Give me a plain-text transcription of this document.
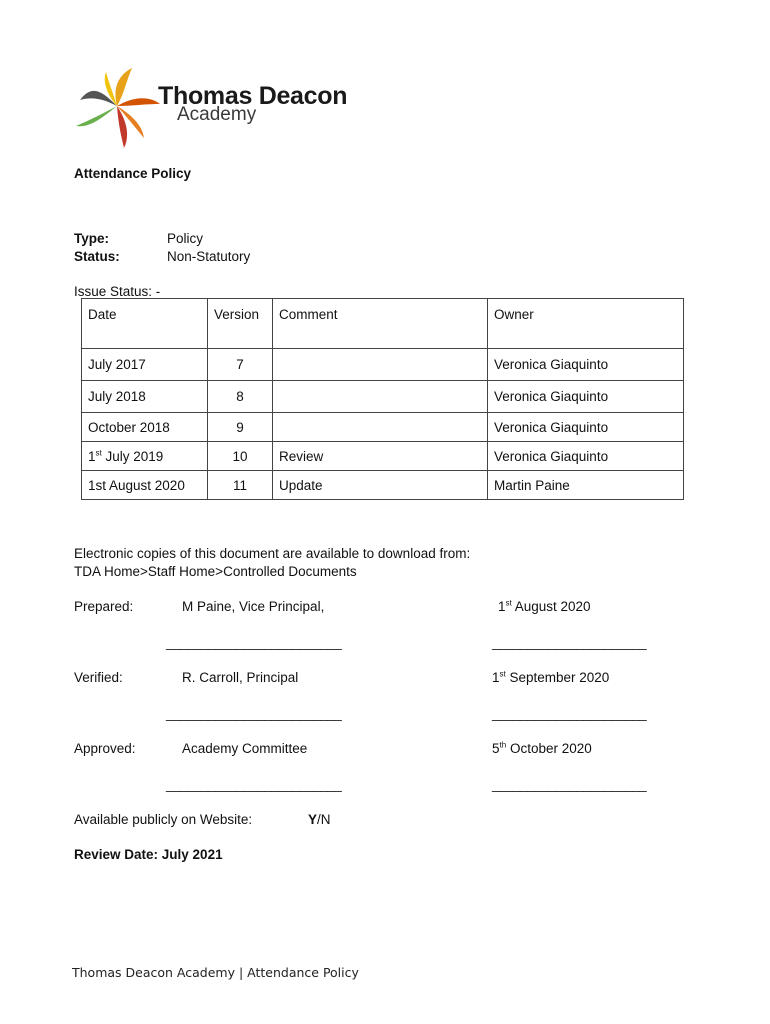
Thomas Deacon
Academy
Attendance Policy
Type:	Policy
Status:	Non-Statutory
Issue Status: -
Date	Version	Comment	Owner
July 2017	7		Veronica Giaquinto
July 2018	8		Veronica Giaquinto
October 2018	9		Veronica Giaquinto
1st July 2019	10	Review	Veronica Giaquinto
1st August 2020	11	Update	Martin Paine
Electronic copies of this document are available to download from:
TDA Home>Staff Home>Controlled Documents
Prepared:	M Paine, Vice Principal,	1st August 2020
_________________________	______________________
Verified:	R. Carroll, Principal	1st September 2020
_________________________	______________________
Approved:	Academy Committee	5th October 2020
_________________________	______________________
Available publicly on Website:	Y/N
Review Date: July 2021
Thomas Deacon Academy | Attendance Policy
